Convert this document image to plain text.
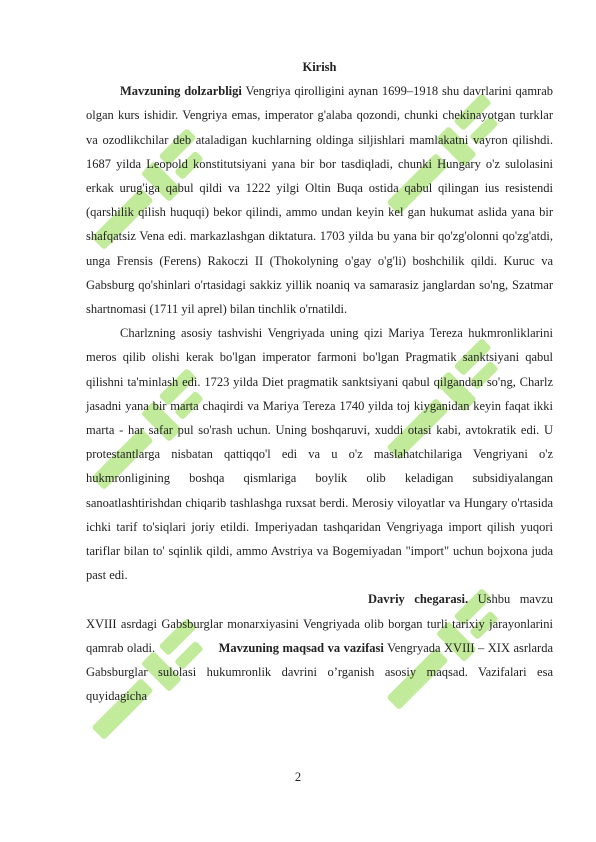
Kirish

Mavzuning dolzarbligi Vengriya qirolligini aynan 1699–1918 shu davrlarini qamrab olgan kurs ishidir. Vengriya emas, imperator g'alaba qozondi, chunki chekinayotgan turklar va ozodlikchilar deb ataladigan kuchlarning oldinga siljishlari mamlakatni vayron qilishdi. 1687 yilda Leopold konstitutsiyani yana bir bor tasdiqladi, chunki Hungary o'z sulolasini erkak urug'iga qabul qildi va 1222 yilgi Oltin Buqa ostida qabul qilingan ius resistendi (qarshilik qilish huquqi) bekor qilindi, ammo undan keyin kel gan hukumat aslida yana bir shafqatsiz Vena edi. markazlashgan diktatura. 1703 yilda bu yana bir qo'zg'olonni qo'zg'atdi, unga Frensis (Ferens) Rakoczi II (Thokolyning o'gay o'g'li) boshchilik qildi. Kuruc va Gabsburg qo'shinlari o'rtasidagi sakkiz yillik noaniq va samarasiz janglardan so'ng, Szatmar shartnomasi (1711 yil aprel) bilan tinchlik o'rnatildi.

Charlzning asosiy tashvishi Vengriyada uning qizi Mariya Tereza hukmronliklarini meros qilib olishi kerak bo'lgan imperator farmoni bo'lgan Pragmatik sanktsiyani qabul qilishni ta'minlash edi. 1723 yilda Diet pragmatik sanktsiyani qabul qilgandan so'ng, Charlz jasadni yana bir marta chaqirdi va Mariya Tereza 1740 yilda toj kiyganidan keyin faqat ikki marta - har safar pul so'rash uchun. Uning boshqaruvi, xuddi otasi kabi, avtokratik edi. U protestantlarga nisbatan qattiqqo'l edi va u o'z maslahatchilariga Vengriyani o'z hukmronligining boshqa qismlariga boylik olib keladigan subsidiyalangan sanoatlashtirishdan chiqarib tashlashga ruxsat berdi. Merosiy viloyatlar va Hungary o'rtasida ichki tarif to'siqlari joriy etildi. Imperiyadan tashqaridan Vengriyaga import qilish yuqori tariflar bilan to' sqinlik qildi, ammo Avstriya va Bogemiyadan "import" uchun bojxona juda past edi.

Davriy chegarasi. Ushbu mavzu XVIII asrdagi Gabsburglar monarxiyasini Vengriyada olib borgan turli tarixiy jarayonlarini qamrab oladi.	Mavzuning maqsad va vazifasi Vengryada XVIII – XIX asrlarda Gabsburglar sulolasi hukumronlik davrini o’rganish asosiy maqsad. Vazifalari esa quyidagicha

2
